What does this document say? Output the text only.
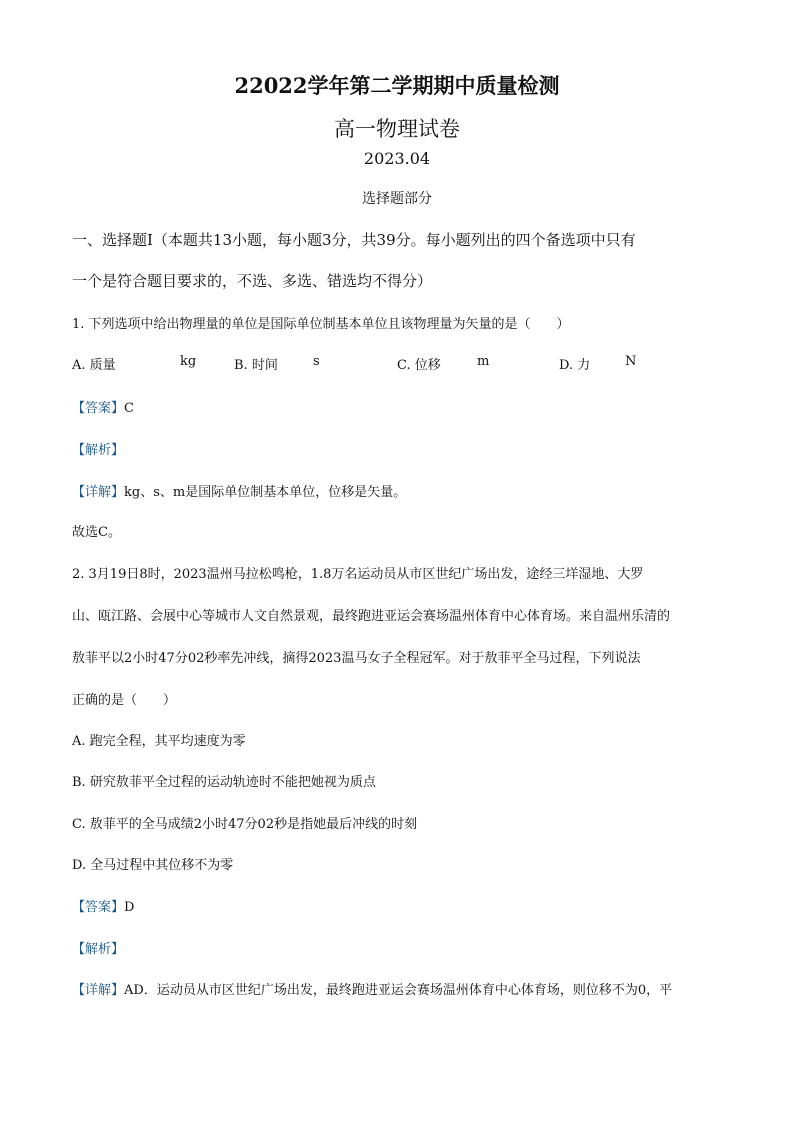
22022学年第二学期期中质量检测
高一物理试卷
2023.04
选择题部分
一、选择题Ⅰ（本题共13小题，每小题3分，共39分。每小题列出的四个备选项中只有
一个是符合题目要求的，不选、多选、错选均不得分）
1. 下列选项中给出物理量的单位是国际单位制基本单位且该物理量为矢量的是（　　）
A. 质量	kg	B. 时间	s	C. 位移	m	D. 力	N
【答案】C
【解析】
【详解】kg、s、m是国际单位制基本单位，位移是矢量。
故选C。
2. 3月19日8时，2023温州马拉松鸣枪，1.8万名运动员从市区世纪广场出发，途经三垟湿地、大罗
山、瓯江路、会展中心等城市人文自然景观，最终跑进亚运会赛场温州体育中心体育场。来自温州乐清的
敖菲平以2小时47分02秒率先冲线，摘得2023温马女子全程冠军。对于敖菲平全马过程，下列说法
正确的是（　　）
A. 跑完全程，其平均速度为零
B. 研究敖菲平全过程的运动轨迹时不能把她视为质点
C. 敖菲平的全马成绩2小时47分02秒是指她最后冲线的时刻
D. 全马过程中其位移不为零
【答案】D
【解析】
【详解】AD．运动员从市区世纪广场出发，最终跑进亚运会赛场温州体育中心体育场，则位移不为0，平
